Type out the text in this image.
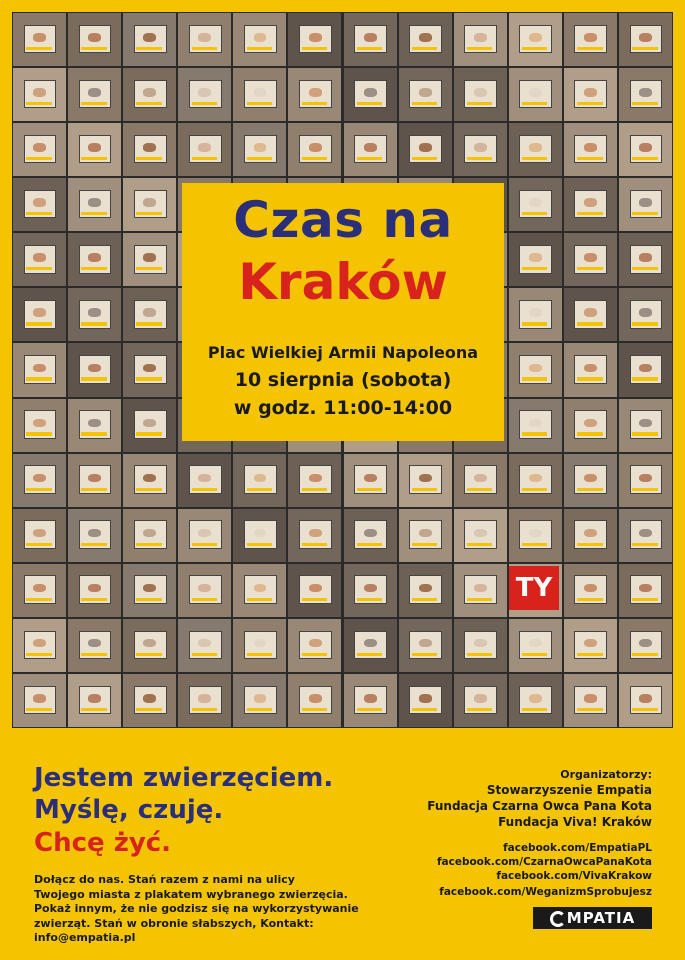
Czas na
Kraków
Plac Wielkiej Armii Napoleona
10 sierpnia (sobota)
w godz. 11:00-14:00
TY
Jestem zwierzęciem.
Myślę, czuję.
Chcę żyć.
Dołącz do nas. Stań razem z nami na ulicy
Twojego miasta z plakatem wybranego zwierzęcia.
Pokaż innym, że nie godzisz się na wykorzystywanie
zwierząt. Stań w obronie słabszych, Kontakt: info@empatia.pl
Organizatorzy:
Stowarzyszenie Empatia
Fundacja Czarna Owca Pana Kota
Fundacja Viva! Kraków
facebook.com/EmpatiaPL
facebook.com/CzarnaOwcaPanaKota
facebook.com/VivaKrakow
facebook.com/WeganizmSprobujesz
MPATIA
